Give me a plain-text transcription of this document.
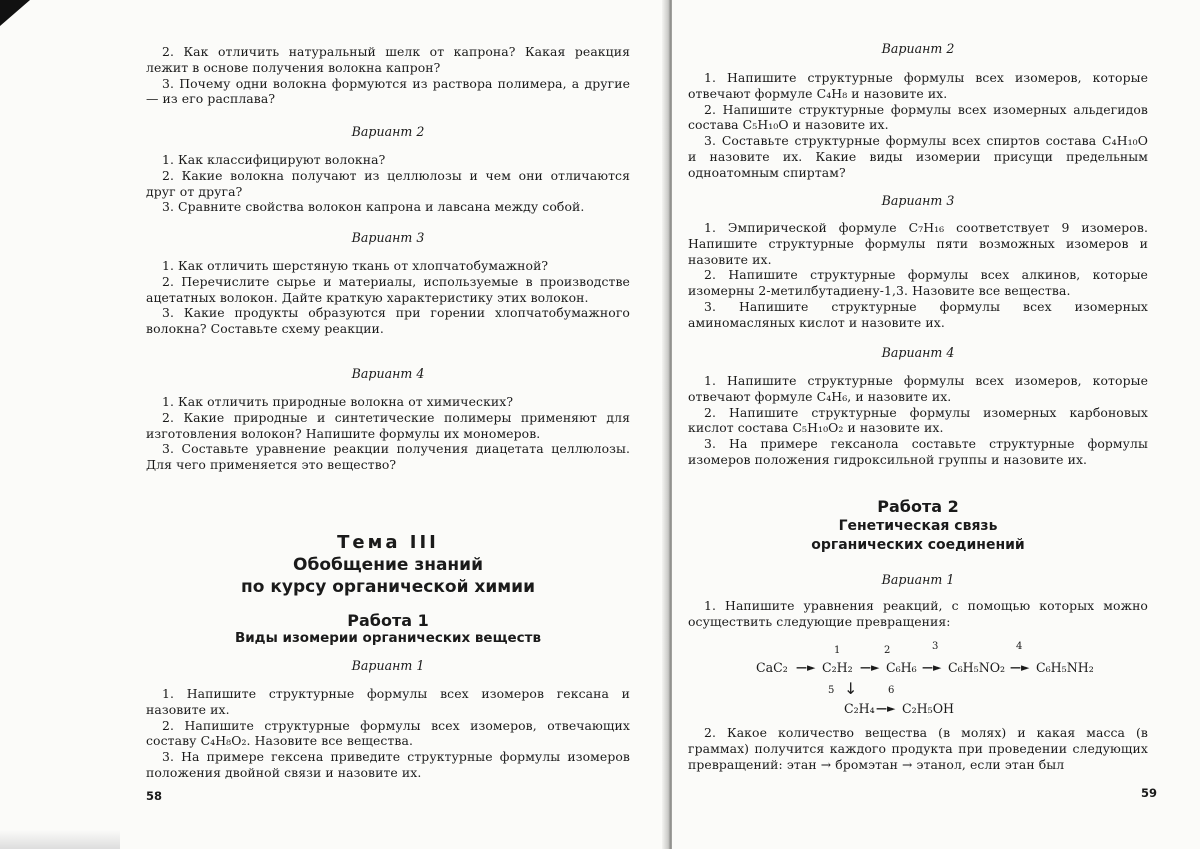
2. Как отличить натуральный шелк от капрона? Какая реакция лежит в основе получения волокна капрон?

3. Почему одни волокна формуются из раствора полимера, а другие — из его расплава?

Вариант 2

1. Как классифицируют волокна?

2. Какие волокна получают из целлюлозы и чем они отличаются друг от друга?

3. Сравните свойства волокон капрона и лавсана между собой.

Вариант 3

1. Как отличить шерстяную ткань от хлопчатобумажной?

2. Перечислите сырье и материалы, используемые в производстве ацетатных волокон. Дайте краткую характеристику этих волокон.

3. Какие продукты образуются при горении хлопчатобумажного волокна? Составьте схему реакции.

Вариант 4

1. Как отличить природные волокна от химических?

2. Какие природные и синтетические полимеры применяют для изготовления волокон? Напишите формулы их мономеров.

3. Составьте уравнение реакции получения диацетата целлюлозы. Для чего применяется это вещество?

Тема III
Обобщение знаний
по курсу органической химии
Работа 1
Виды изомерии органических веществ
Вариант 1

1. Напишите структурные формулы всех изомеров гексана и назовите их.

2. Напишите структурные формулы всех изомеров, отвечающих составу C₄H₈O₂. Назовите все вещества.

3. На примере гексена приведите структурные формулы изомеров положения двойной связи и назовите их.

58
Вариант 2

1. Напишите структурные формулы всех изомеров, которые отвечают формуле C₄H₈ и назовите их.

2. Напишите структурные формулы всех изомерных альдегидов состава C₅H₁₀O и назовите их.

3. Составьте структурные формулы всех спиртов состава C₄H₁₀O и назовите их. Какие виды изомерии присущи предельным одноатомным спиртам?

Вариант 3

1. Эмпирической формуле C₇H₁₆ соответствует 9 изомеров. Напишите структурные формулы пяти возможных изомеров и назовите их.

2. Напишите структурные формулы всех алкинов, которые изомерны 2-метилбутадиену-1,3. Назовите все вещества.

3. Напишите структурные формулы всех изомерных аминомасляных кислот и назовите их.

Вариант 4

1. Напишите структурные формулы всех изомеров, которые отвечают формуле C₄H₆, и назовите их.

2. Напишите структурные формулы изомерных карбоновых кислот состава C₅H₁₀O₂ и назовите их.

3. На примере гексанола составьте структурные формулы изомеров положения гидроксильной группы и назовите их.

Работа 2
Генетическая связь
органических соединений
Вариант 1

1. Напишите уравнения реакций, с помощью которых можно осуществить следующие превращения:

1	2	3	4
CaC₂ —► C₂H₂ —► C₆H₆ —► C₆H₅NO₂ —► C₆H₅NH₂
5 ↓	6
C₂H₄ —► C₂H₅OH

2. Какое количество вещества (в молях) и какая масса (в граммах) получится каждого продукта при проведении следующих превращений: этан → бромэтан → этанол, если этан был

59
